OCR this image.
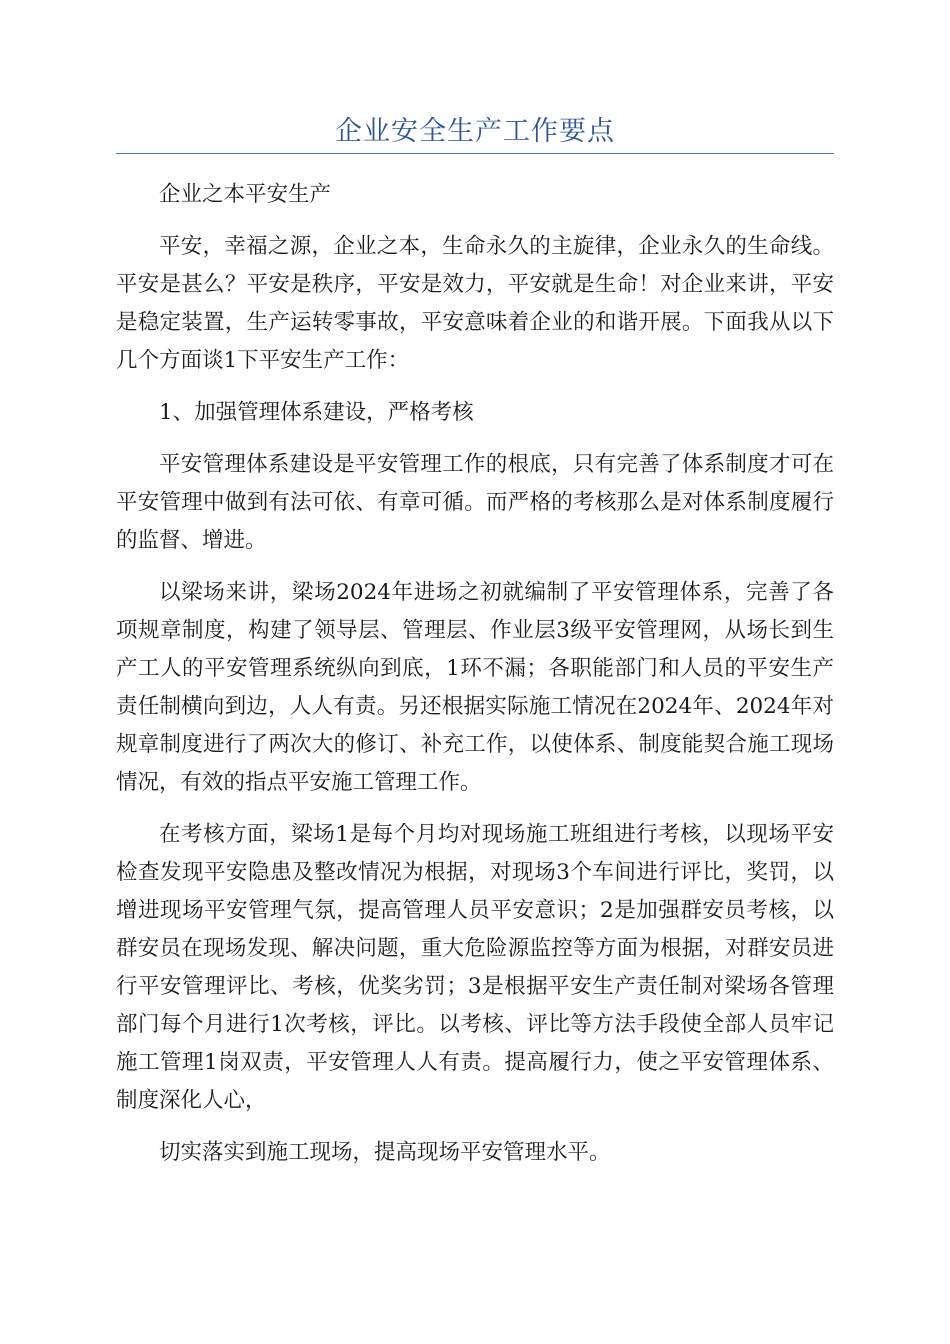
企业安全生产工作要点

企业之本平安生产

平安，幸福之源，企业之本，生命永久的主旋律，企业永久的生命线。平安是甚么？平安是秩序，平安是效力，平安就是生命！对企业来讲，平安是稳定装置，生产运转零事故，平安意味着企业的和谐开展。下面我从以下几个方面谈1下平安生产工作：

1、加强管理体系建设，严格考核

平安管理体系建设是平安管理工作的根底，只有完善了体系制度才可在平安管理中做到有法可依、有章可循。而严格的考核那么是对体系制度履行的监督、增进。

以梁场来讲，梁场2024年进场之初就编制了平安管理体系，完善了各项规章制度，构建了领导层、管理层、作业层3级平安管理网，从场长到生产工人的平安管理系统纵向到底，1环不漏；各职能部门和人员的平安生产责任制横向到边，人人有责。另还根据实际施工情况在2024年、2024年对规章制度进行了两次大的修订、补充工作，以使体系、制度能契合施工现场情况，有效的指点平安施工管理工作。

在考核方面，梁场1是每个月均对现场施工班组进行考核，以现场平安检查发现平安隐患及整改情况为根据，对现场3个车间进行评比，奖罚，以增进现场平安管理气氛，提高管理人员平安意识；2是加强群安员考核，以群安员在现场发现、解决问题，重大危险源监控等方面为根据，对群安员进行平安管理评比、考核，优奖劣罚；3是根据平安生产责任制对梁场各管理部门每个月进行1次考核，评比。以考核、评比等方法手段使全部人员牢记施工管理1岗双责，平安管理人人有责。提高履行力，使之平安管理体系、制度深化人心，

切实落实到施工现场，提高现场平安管理水平。
